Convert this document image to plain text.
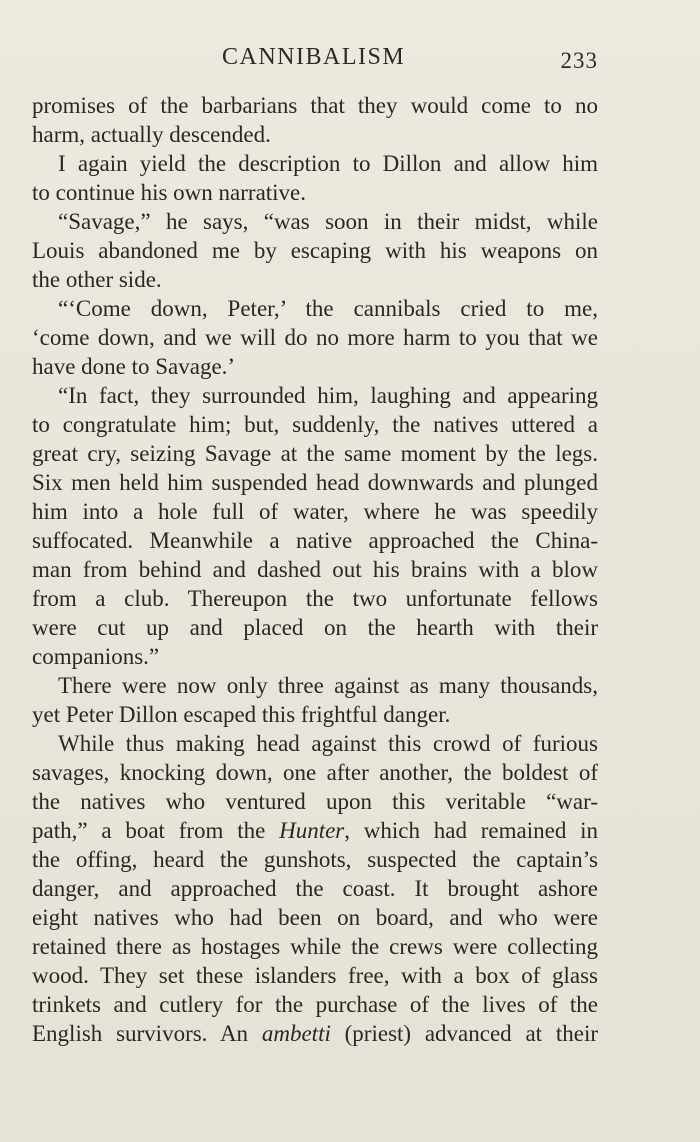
CANNIBALISM	233
promises of the barbarians that they would come to no
harm, actually descended.
I again yield the description to Dillon and allow him
to continue his own narrative.
“Savage,” he says, “was soon in their midst, while
Louis abandoned me by escaping with his weapons on
the other side.
“‘Come down, Peter,’ the cannibals cried to me,
‘come down, and we will do no more harm to you that we
have done to Savage.’
“In fact, they surrounded him, laughing and appearing
to congratulate him; but, suddenly, the natives uttered a
great cry, seizing Savage at the same moment by the legs.
Six men held him suspended head downwards and plunged
him into a hole full of water, where he was speedily
suffocated. Meanwhile a native approached the China-
man from behind and dashed out his brains with a blow
from a club. Thereupon the two unfortunate fellows
were cut up and placed on the hearth with their
companions.”
There were now only three against as many thousands,
yet Peter Dillon escaped this frightful danger.
While thus making head against this crowd of furious
savages, knocking down, one after another, the boldest of
the natives who ventured upon this veritable “war-
path,” a boat from the Hunter, which had remained in
the offing, heard the gunshots, suspected the captain’s
danger, and approached the coast. It brought ashore
eight natives who had been on board, and who were
retained there as hostages while the crews were collecting
wood. They set these islanders free, with a box of glass
trinkets and cutlery for the purchase of the lives of the
English survivors. An ambetti (priest) advanced at their
